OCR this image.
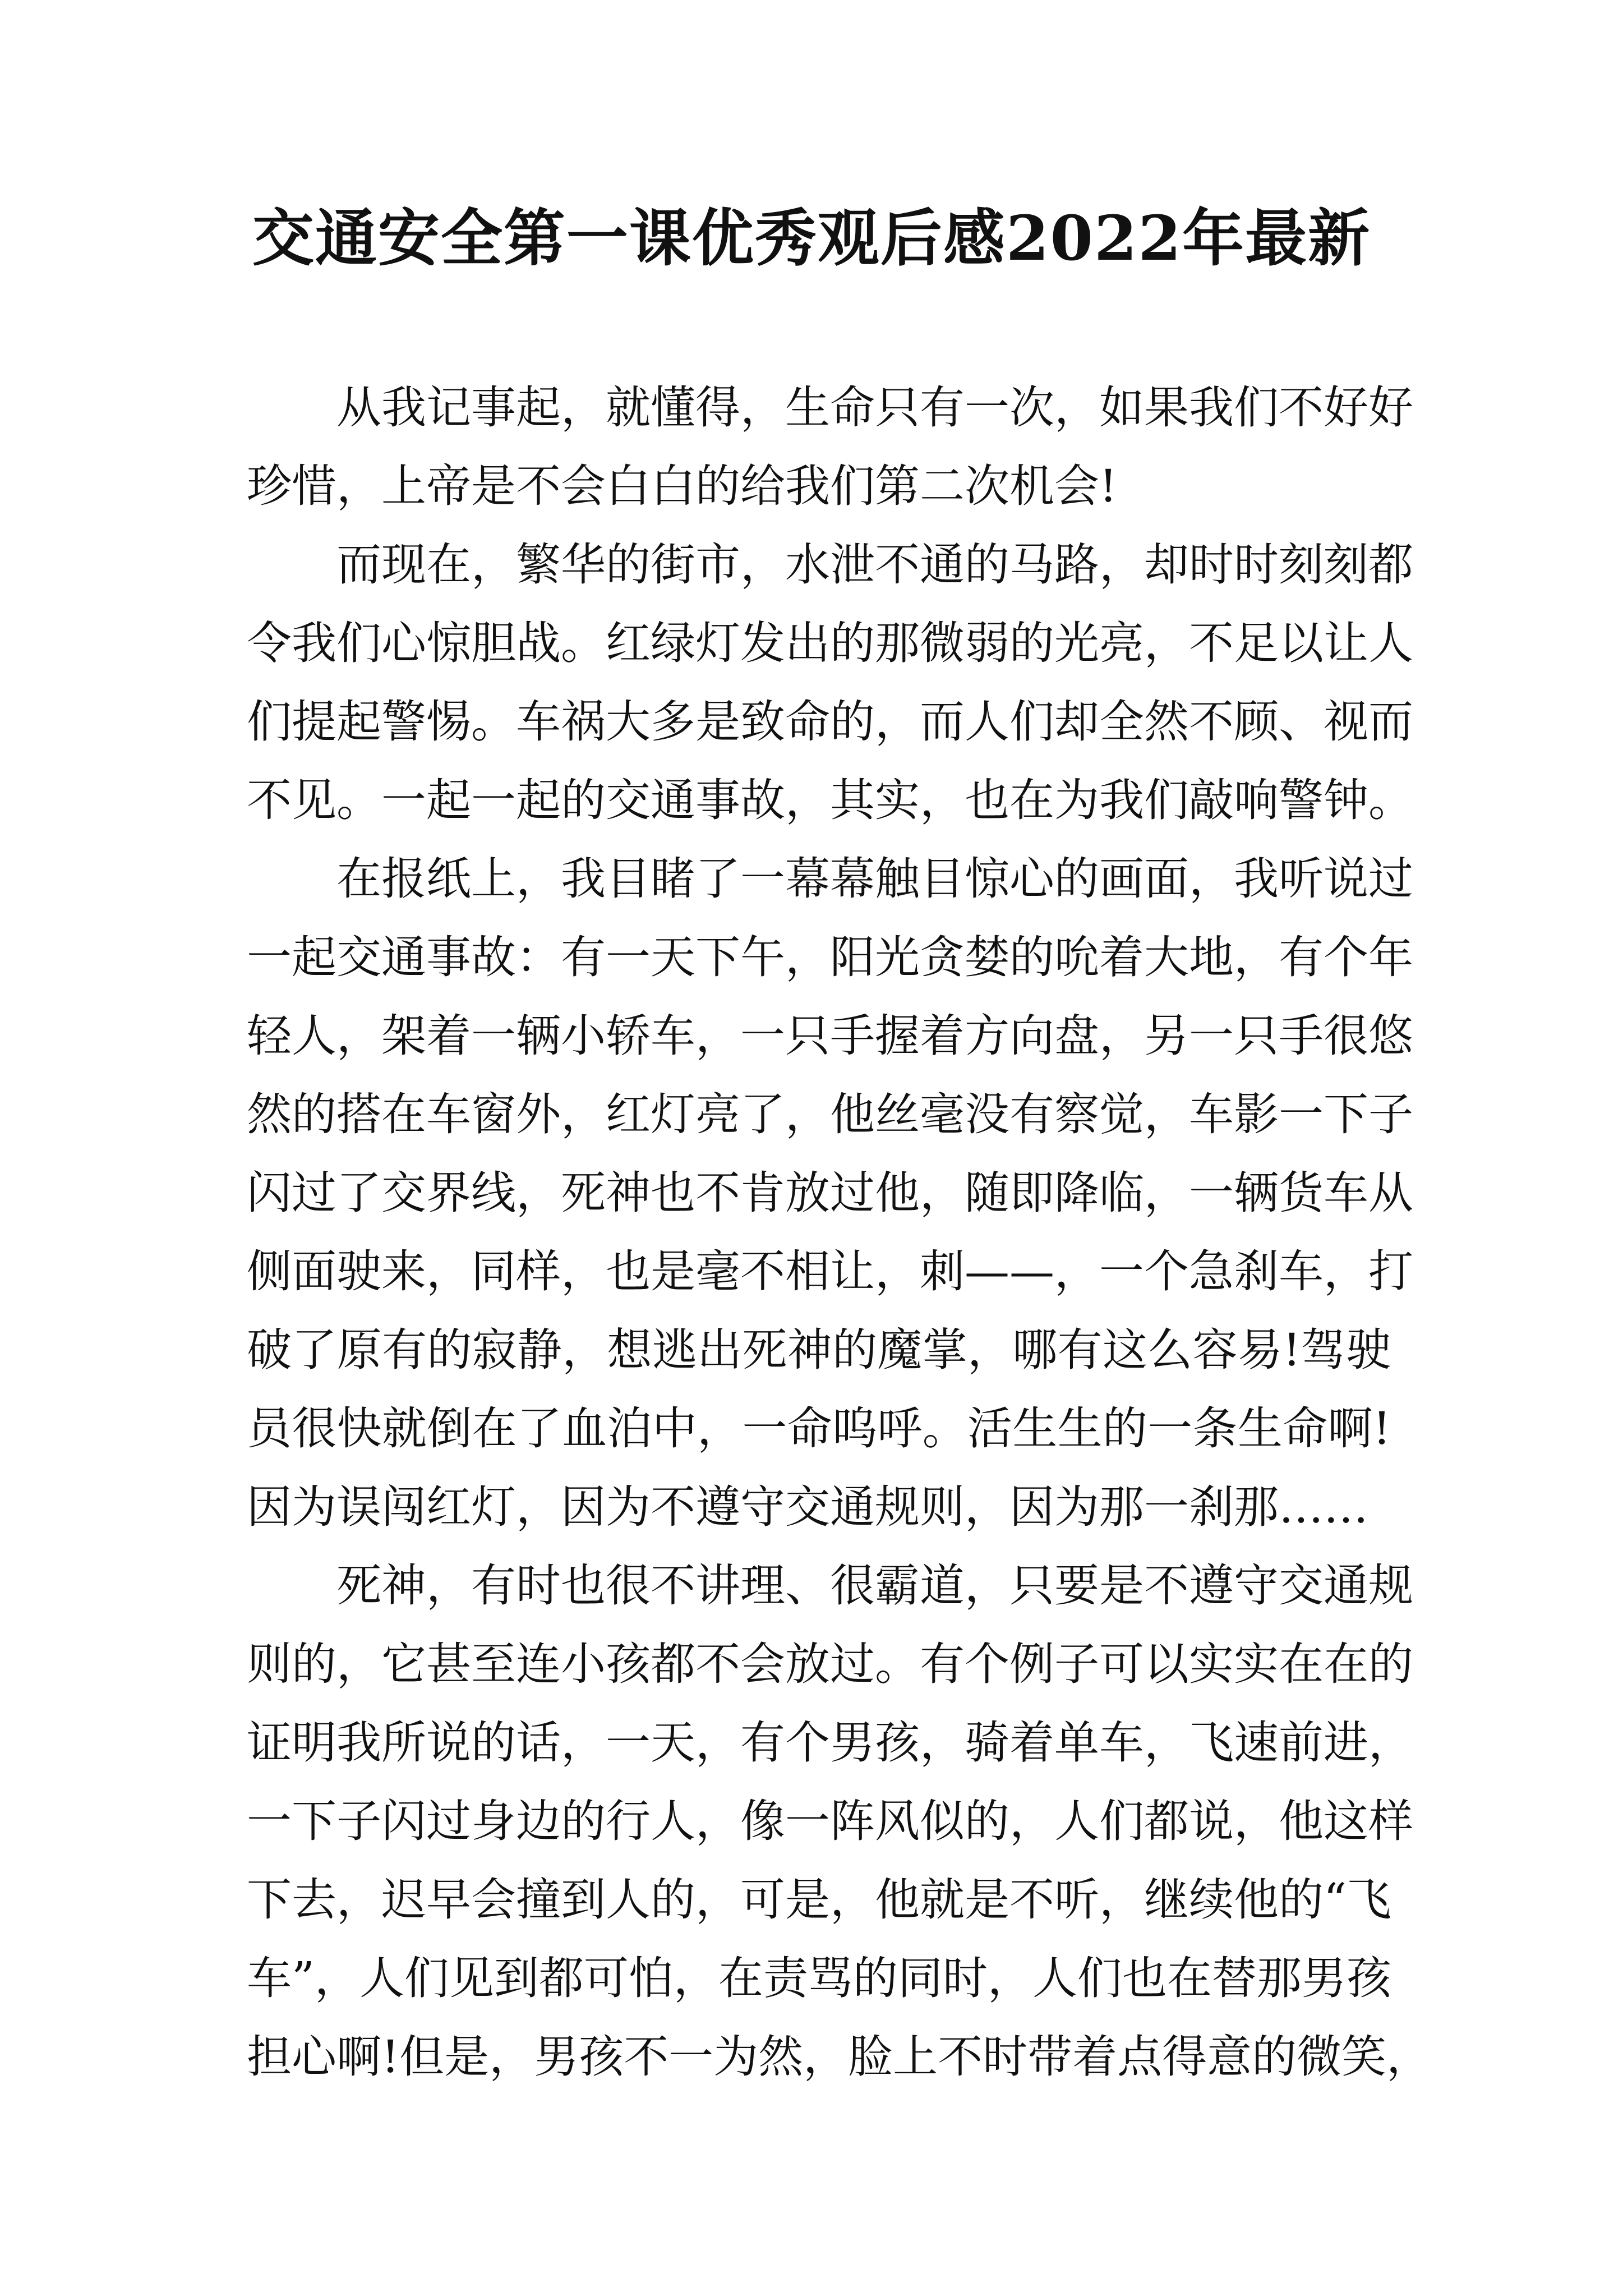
交通安全第一课优秀观后感2022年最新
从我记事起，就懂得，生命只有一次，如果我们不好好
珍惜，上帝是不会白白的给我们第二次机会!
而现在，繁华的街市，水泄不通的马路，却时时刻刻都
令我们心惊胆战。红绿灯发出的那微弱的光亮，不足以让人
们提起警惕。车祸大多是致命的，而人们却全然不顾、视而
不见。一起一起的交通事故，其实，也在为我们敲响警钟。
在报纸上，我目睹了一幕幕触目惊心的画面，我听说过
一起交通事故：有一天下午，阳光贪婪的吮着大地，有个年
轻人，架着一辆小轿车，一只手握着方向盘，另一只手很悠
然的搭在车窗外，红灯亮了，他丝毫没有察觉，车影一下子
闪过了交界线，死神也不肯放过他，随即降临，一辆货车从
侧面驶来，同样，也是毫不相让，刺——，一个急刹车，打
破了原有的寂静，想逃出死神的魔掌，哪有这么容易!驾驶
员很快就倒在了血泊中，一命呜呼。活生生的一条生命啊!
因为误闯红灯，因为不遵守交通规则，因为那一刹那……
死神，有时也很不讲理、很霸道，只要是不遵守交通规
则的，它甚至连小孩都不会放过。有个例子可以实实在在的
证明我所说的话，一天，有个男孩，骑着单车，飞速前进，
一下子闪过身边的行人，像一阵风似的，人们都说，他这样
下去，迟早会撞到人的，可是，他就是不听，继续他的“飞
车”，人们见到都可怕，在责骂的同时，人们也在替那男孩
担心啊!但是，男孩不一为然，脸上不时带着点得意的微笑，
